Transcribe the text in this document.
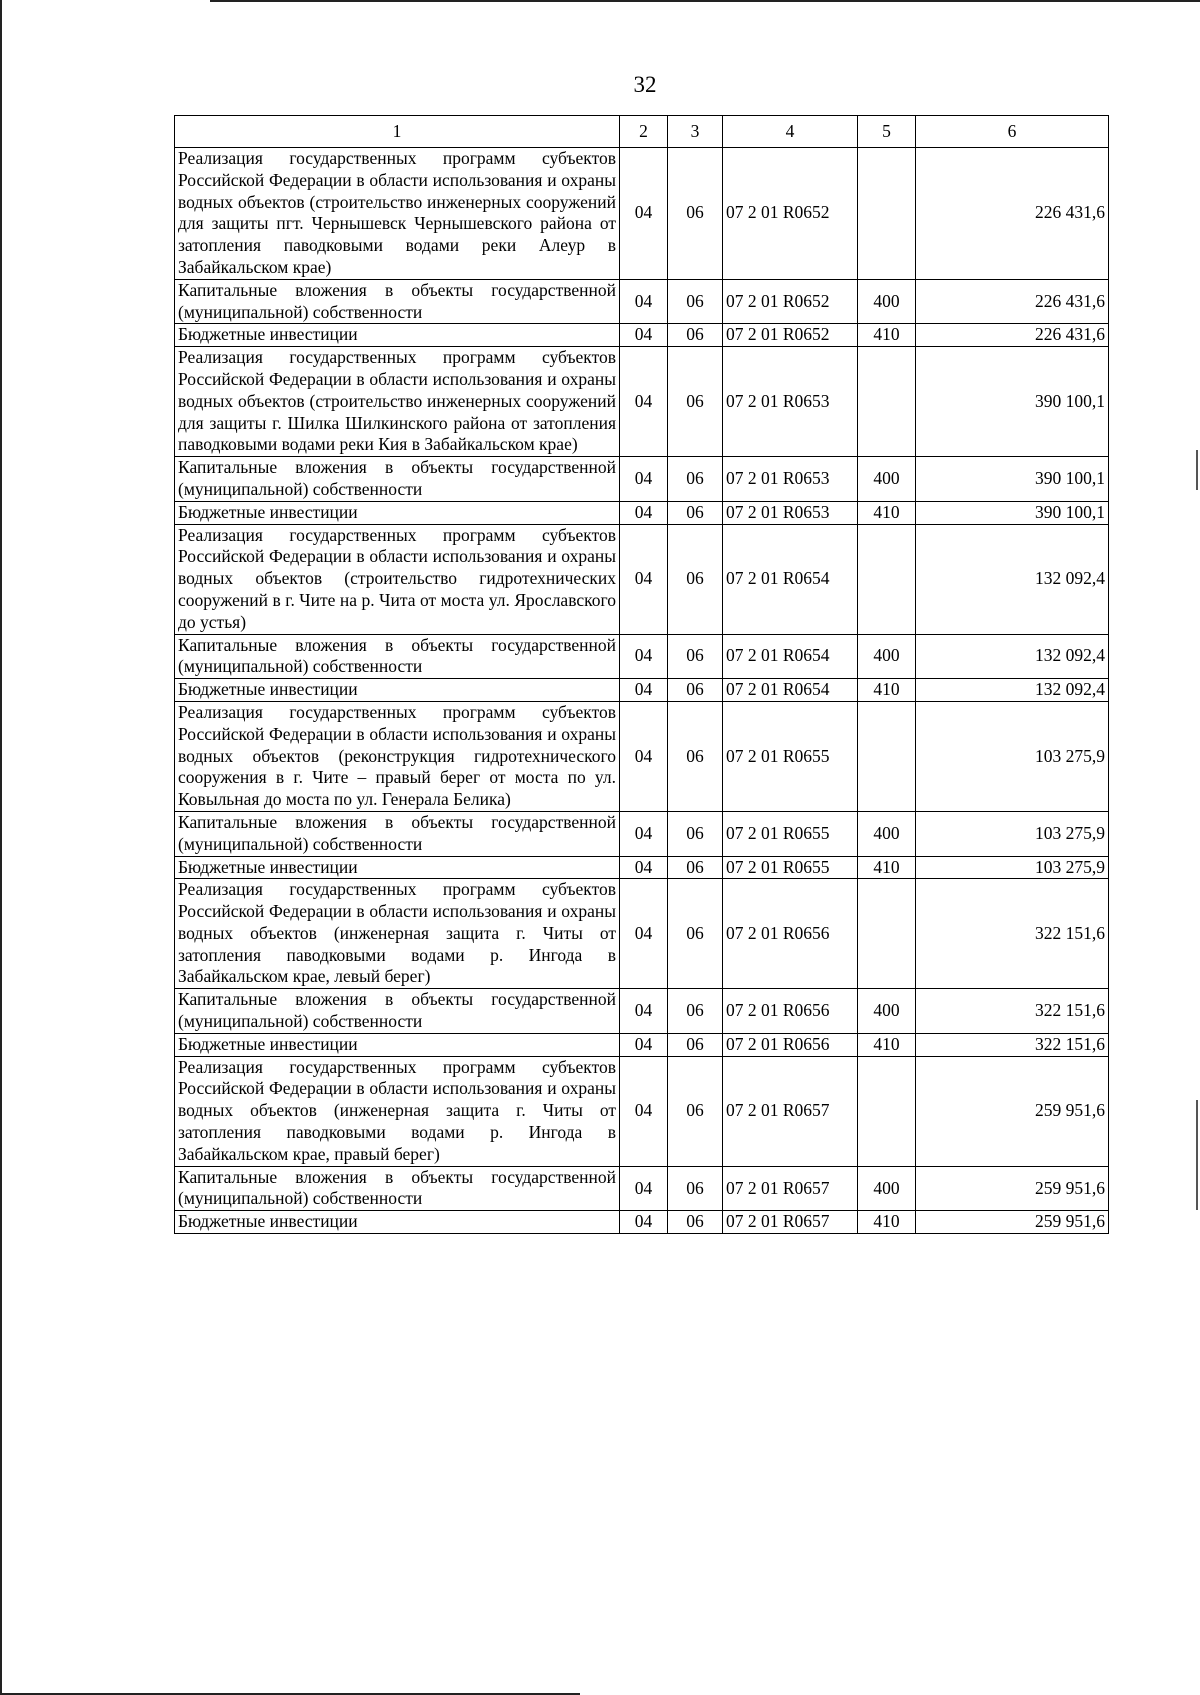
32
1	2	3	4	5	6
Реализация государственных программ субъектов Российской Федерации в области использования и охраны водных объектов (строительство инженерных сооружений для защиты пгт. Чернышевск Чернышевского района от затопления паводковыми водами реки Алеур в Забайкальском крае)	04	06	07 2 01 R0652		226 431,6
Капитальные вложения в объекты государственной (муниципальной) собственности	04	06	07 2 01 R0652	400	226 431,6
Бюджетные инвестиции	04	06	07 2 01 R0652	410	226 431,6
Реализация государственных программ субъектов Российской Федерации в области использования и охраны водных объектов (строительство инженерных сооружений для защиты г. Шилка Шилкинского района от затопления паводковыми водами реки Кия в Забайкальском крае)	04	06	07 2 01 R0653		390 100,1
Капитальные вложения в объекты государственной (муниципальной) собственности	04	06	07 2 01 R0653	400	390 100,1
Бюджетные инвестиции	04	06	07 2 01 R0653	410	390 100,1
Реализация государственных программ субъектов Российской Федерации в области использования и охраны водных объектов (строительство гидротехнических сооружений в г. Чите на р. Чита от моста ул. Ярославского до устья)	04	06	07 2 01 R0654		132 092,4
Капитальные вложения в объекты государственной (муниципальной) собственности	04	06	07 2 01 R0654	400	132 092,4
Бюджетные инвестиции	04	06	07 2 01 R0654	410	132 092,4
Реализация государственных программ субъектов Российской Федерации в области использования и охраны водных объектов (реконструкция гидротехнического сооружения в г. Чите – правый берег от моста по ул. Ковыльная до моста по ул. Генерала Белика)	04	06	07 2 01 R0655		103 275,9
Капитальные вложения в объекты государственной (муниципальной) собственности	04	06	07 2 01 R0655	400	103 275,9
Бюджетные инвестиции	04	06	07 2 01 R0655	410	103 275,9
Реализация государственных программ субъектов Российской Федерации в области использования и охраны водных объектов (инженерная защита г. Читы от затопления паводковыми водами р. Ингода в Забайкальском крае, левый берег)	04	06	07 2 01 R0656		322 151,6
Капитальные вложения в объекты государственной (муниципальной) собственности	04	06	07 2 01 R0656	400	322 151,6
Бюджетные инвестиции	04	06	07 2 01 R0656	410	322 151,6
Реализация государственных программ субъектов Российской Федерации в области использования и охраны водных объектов (инженерная защита г. Читы от затопления паводковыми водами р. Ингода в Забайкальском крае, правый берег)	04	06	07 2 01 R0657		259 951,6
Капитальные вложения в объекты государственной (муниципальной) собственности	04	06	07 2 01 R0657	400	259 951,6
Бюджетные инвестиции	04	06	07 2 01 R0657	410	259 951,6
